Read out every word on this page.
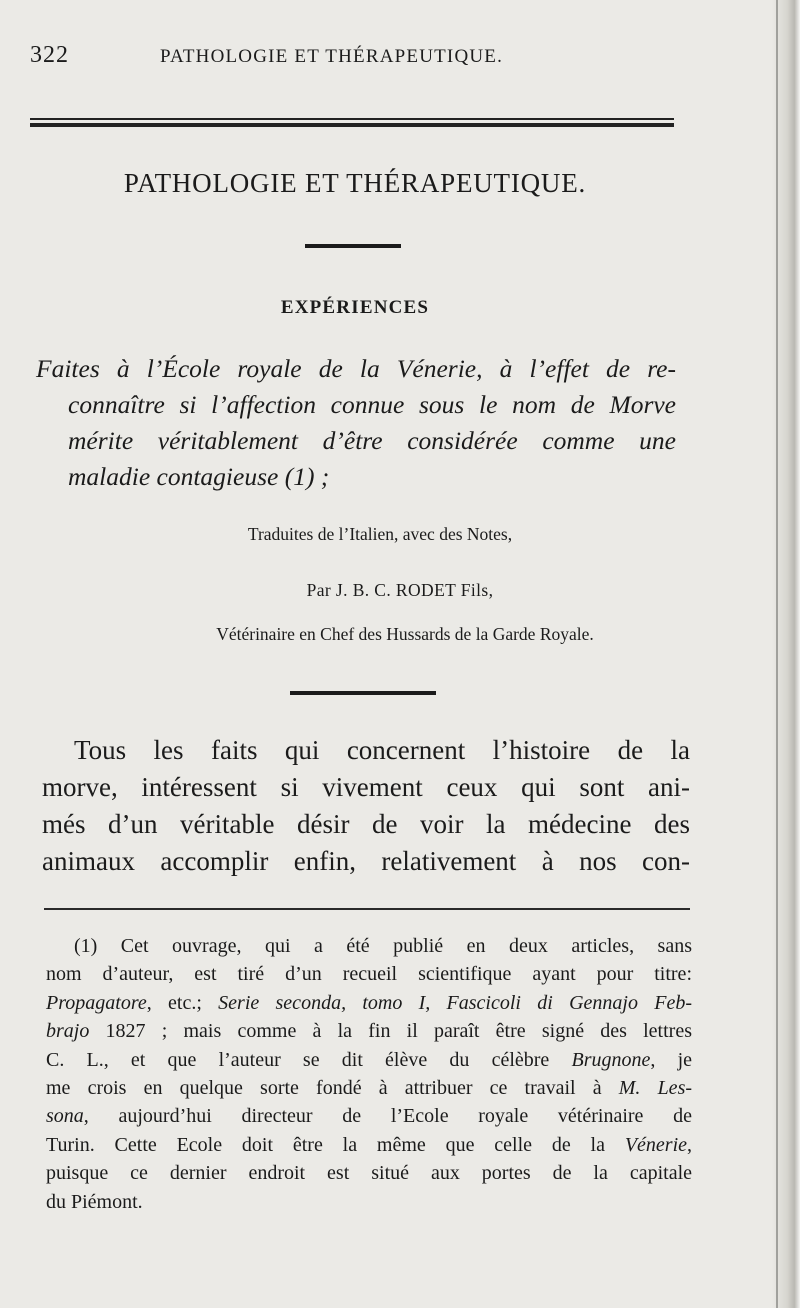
322	PATHOLOGIE ET THÉRAPEUTIQUE.
PATHOLOGIE ET THÉRAPEUTIQUE.
EXPÉRIENCES
Faites à l’École royale de la Vénerie, à l’effet de re-
connaître si l’affection connue sous le nom de Morve
mérite véritablement d’être considérée comme une
maladie contagieuse (1) ;
Traduites de l’Italien, avec des Notes,
Par J. B. C. RODET Fils,
Vétérinaire en Chef des Hussards de la Garde Royale.
Tous les faits qui concernent l’histoire de la
morve, intéressent si vivement ceux qui sont ani-
més d’un véritable désir de voir la médecine des
animaux accomplir enfin, relativement à nos con-
(1) Cet ouvrage, qui a été publié en deux articles, sans
nom d’auteur, est tiré d’un recueil scientifique ayant pour titre:
Propagatore, etc.; Serie seconda, tomo I, Fascicoli di Gennajo Feb-
brajo 1827 ; mais comme à la fin il paraît être signé des lettres
C. L., et que l’auteur se dit élève du célèbre Brugnone, je
me crois en quelque sorte fondé à attribuer ce travail à M. Les-
sona, aujourd’hui directeur de l’Ecole royale vétérinaire de
Turin. Cette Ecole doit être la même que celle de la Vénerie,
puisque ce dernier endroit est situé aux portes de la capitale
du Piémont.
